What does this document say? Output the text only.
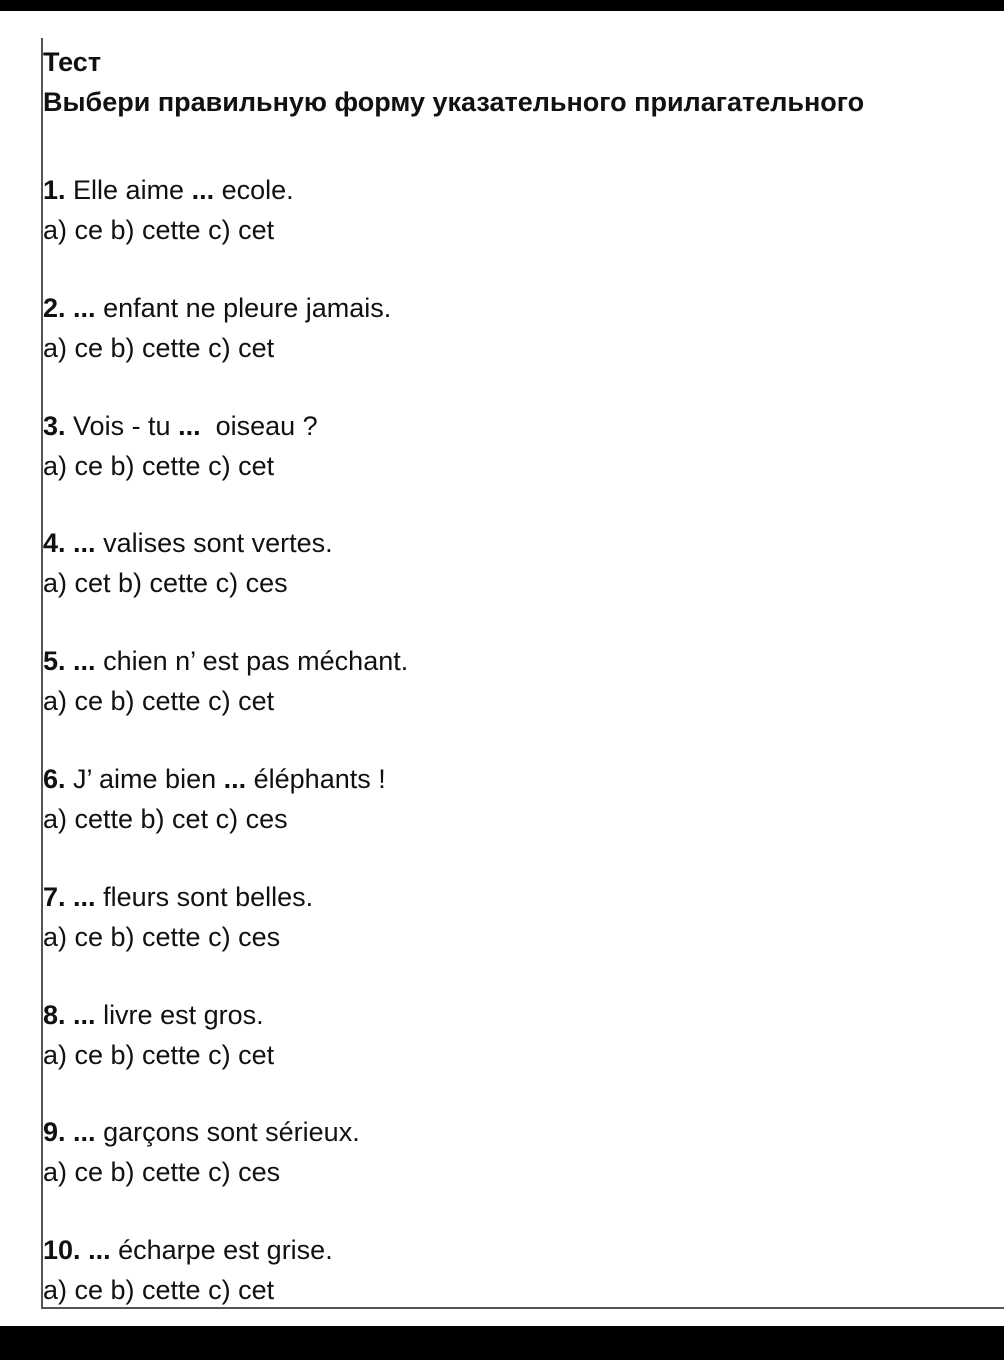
Тест
Выбери правильную форму указательного прилагательного
1. Elle aime ... ecole.
a) ce b) cette c) cet
2. ... enfant ne pleure jamais.
a) ce b) cette c) cet
3. Vois - tu ...  oiseau ?
a) ce b) cette c) cet
4. ... valises sont vertes.
a) cet b) cette c) ces
5. ... chien n’ est pas méchant.
a) ce b) cette c) cet
6. J’ aime bien ... éléphants !
a) cette b) cet c) ces
7. ... fleurs sont belles.
a) ce b) cette c) ces
8. ... livre est gros.
a) ce b) cette c) cet
9. ... garçons sont sérieux.
a) ce b) cette c) ces
10. ... écharpe est grise.
a) ce b) cette c) cet
